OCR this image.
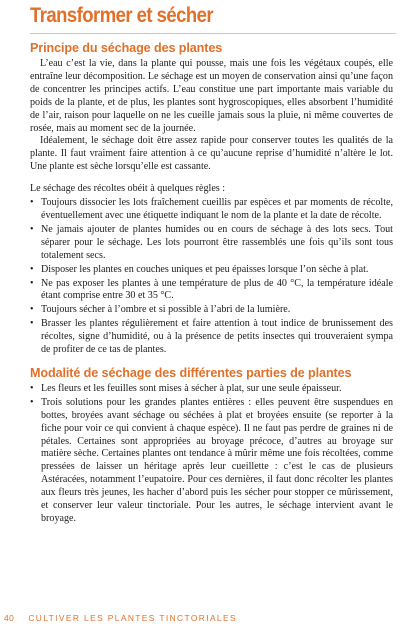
Transformer et sécher
Principe du séchage des plantes

L’eau c’est la vie, dans la plante qui pousse, mais une fois les végétaux coupés, elle entraîne leur décomposition. Le séchage est un moyen de conservation ainsi qu’une façon de concentrer les principes actifs. L’eau constitue une part importante mais variable du poids de la plante, et de plus, les plantes sont hygroscopiques, elles absorbent l’humidité de l’air, raison pour laquelle on ne les cueille jamais sous la pluie, ni même couvertes de rosée, mais au moment sec de la journée.

Idéalement, le séchage doit être assez rapide pour conserver toutes les qualités de la plante. Il faut vraiment faire attention à ce qu’aucune reprise d’humidité n’altère le lot. Une plante est sèche lorsqu’elle est cassante.

Le séchage des récoltes obéit à quelques règles :

• Toujours dissocier les lots fraîchement cueillis par espèces et par moments de récolte, éventuellement avec une étiquette indiquant le nom de la plante et la date de récolte.
• Ne jamais ajouter de plantes humides ou en cours de séchage à des lots secs. Tout séparer pour le séchage. Les lots pourront être rassemblés une fois qu’ils sont tous totalement secs.
• Disposer les plantes en couches uniques et peu épaisses lorsque l’on sèche à plat.
• Ne pas exposer les plantes à une température de plus de 40 °C, la température idéale étant comprise entre 30 et 35 °C.
• Toujours sécher à l’ombre et si possible à l’abri de la lumière.
• Brasser les plantes régulièrement et faire attention à tout indice de brunissement des récoltes, signe d’humidité, ou à la présence de petits insectes qui trouveraient sympa de profiter de ce tas de plantes.
Modalité de séchage des différentes parties de plantes
• Les fleurs et les feuilles sont mises à sécher à plat, sur une seule épaisseur.
• Trois solutions pour les grandes plantes entières : elles peuvent être suspendues en bottes, broyées avant séchage ou séchées à plat et broyées ensuite (se reporter à la fiche pour voir ce qui convient à chaque espèce). Il ne faut pas perdre de graines ni de pétales. Certaines sont appropriées au broyage précoce, d’autres au broyage sur matière sèche. Certaines plantes ont tendance à mûrir même une fois récoltées, comme pressées de laisser un héritage après leur cueillette : c’est le cas de plusieurs Astéracées, notamment l’eupatoire. Pour ces dernières, il faut donc récolter les plantes aux fleurs très jeunes, les hacher d’abord puis les sécher pour stopper ce mûrissement, et conserver leur valeur tinctoriale. Pour les autres, le séchage intervient avant le broyage.
40 CULTIVER LES PLANTES TINCTORIALES
